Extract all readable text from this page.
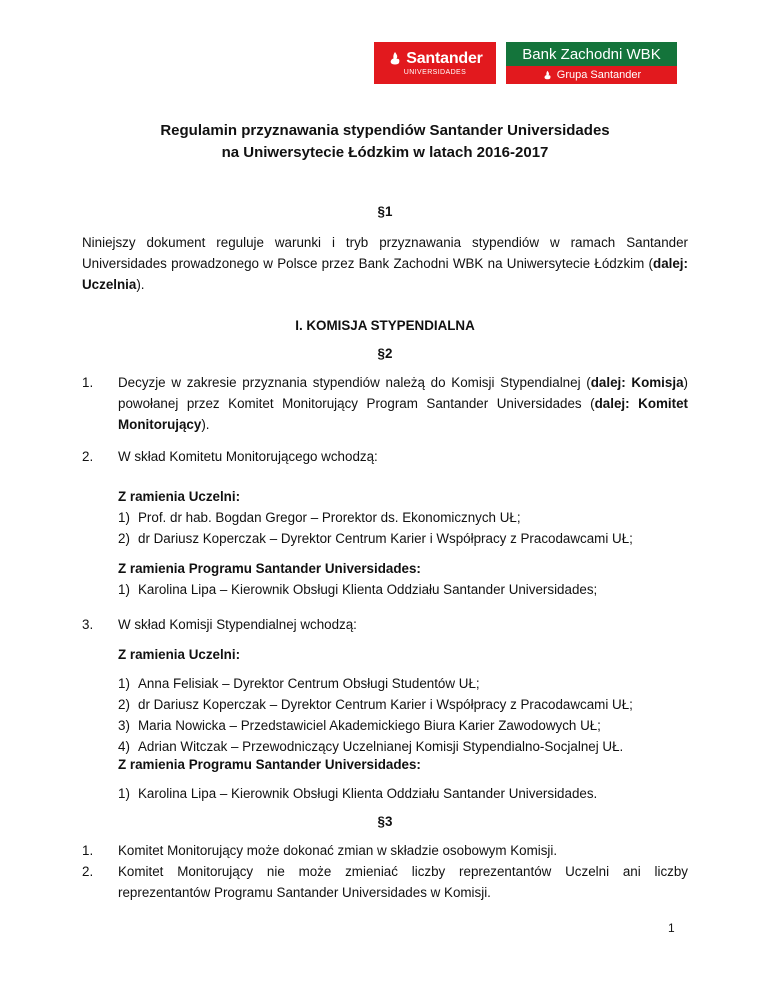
Santander
UNIVERSIDADES
Bank Zachodni WBK
Grupa Santander
Regulamin przyznawania stypendiów Santander Universidades
na Uniwersytecie Łódzkim w latach 2016-2017
§1
Niniejszy dokument reguluje warunki i tryb przyznawania stypendiów w ramach Santander Universidades prowadzonego w Polsce przez Bank Zachodni WBK na Uniwersytecie Łódzkim (dalej: Uczelnia).
I. KOMISJA STYPENDIALNA
§2
1. Decyzje w zakresie przyznania stypendiów należą do Komisji Stypendialnej (dalej: Komisja) powołanej przez Komitet Monitorujący Program Santander Universidades (dalej: Komitet Monitorujący).
2. W skład Komitetu Monitorującego wchodzą:
Z ramienia Uczelni:
1) Prof. dr hab. Bogdan Gregor – Prorektor ds. Ekonomicznych UŁ;
2) dr Dariusz Koperczak – Dyrektor Centrum Karier i Współpracy z Pracodawcami UŁ;
Z ramienia Programu Santander Universidades:
1) Karolina Lipa – Kierownik Obsługi Klienta Oddziału Santander Universidades;
3. W skład Komisji Stypendialnej wchodzą:
Z ramienia Uczelni:
1) Anna Felisiak – Dyrektor Centrum Obsługi Studentów UŁ;
2) dr Dariusz Koperczak – Dyrektor Centrum Karier i Współpracy z Pracodawcami UŁ;
3) Maria Nowicka – Przedstawiciel Akademickiego Biura Karier Zawodowych UŁ;
4) Adrian Witczak – Przewodniczący Uczelnianej Komisji Stypendialno-Socjalnej UŁ.
Z ramienia Programu Santander Universidades:
1) Karolina Lipa – Kierownik Obsługi Klienta Oddziału Santander Universidades.
§3
1. Komitet Monitorujący może dokonać zmian w składzie osobowym Komisji.
2. Komitet Monitorujący nie może zmieniać liczby reprezentantów Uczelni ani liczby reprezentantów Programu Santander Universidades w Komisji.
1
